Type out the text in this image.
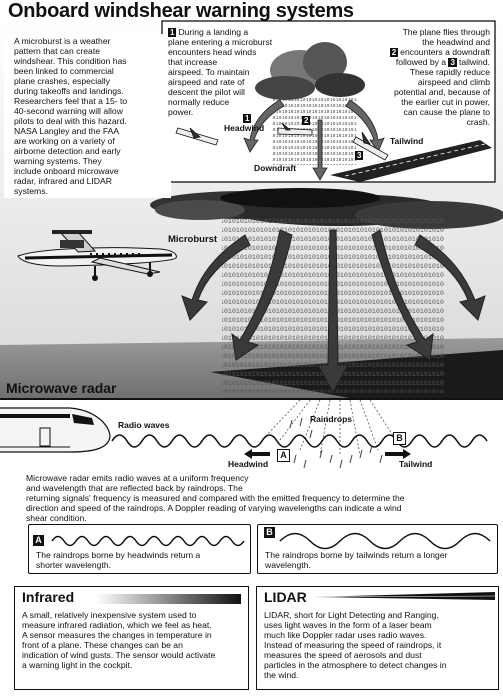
Onboard windshear warning systems
A microburst is a weather
pattern that can create
windshear. This condition has
been linked to commercial
plane crashes, especially
during takeoffs and landings.
Researchers feel that a 15- to
40-second warning will allow
pilots to deal with this hazard.
NASA Langley and the FAA
are working on a variety of
airborne detection and early
warning systems. They
include onboard microwave
radar, infrared and LIDAR
systems.
1 During a landing a
plane entering a microburst
encounters head winds
that increase
airspeed. To maintain
airspeed and rate of
descent the pilot will
normally reduce
power.
The plane flies through
the headwind and
2 encounters a downdraft
followed by a 3 tailwind.
These rapidly reduce
airspeed and climb
potential and, because of
the earlier cut in power,
can cause the plane to
crash.
Headwind
Tailwind
Downdraft
1	2
3
Microburst
Microwave radar
Radio waves
Raindrops
Headwind	Tailwind
A
B
Microwave radar emits radio waves at a uniform frequency
and wavelength that are reflected back by raindrops. The
returning signals' frequency is measured and compared with the emitted frequency to determine the
direction and speed of the raindrops. A Doppler reading of varying wavelengths can indicate a wind
shear condition.
A
The raindrops borne by headwinds return a
shorter wavelength.
B
The raindrops borne by tailwinds return a longer
wavelength.
Infrared
A small, relatively inexpensive system used to
measure infrared radiation, which we feel as heat.
A sensor measures the changes in temperature in
front of a plane. These changes can be an
indication of wind gusts. The sensor would activate
a warning light in the cockpit.
LIDAR
LIDAR, short for Light Detecting and Ranging,
uses light waves in the form of a laser beam
much like Doppler radar uses radio waves.
Instead of measuring the speed of raindrops, it
measures the speed of aerosols and dust
particles in the atmosphere to detect changes in
the wind.
